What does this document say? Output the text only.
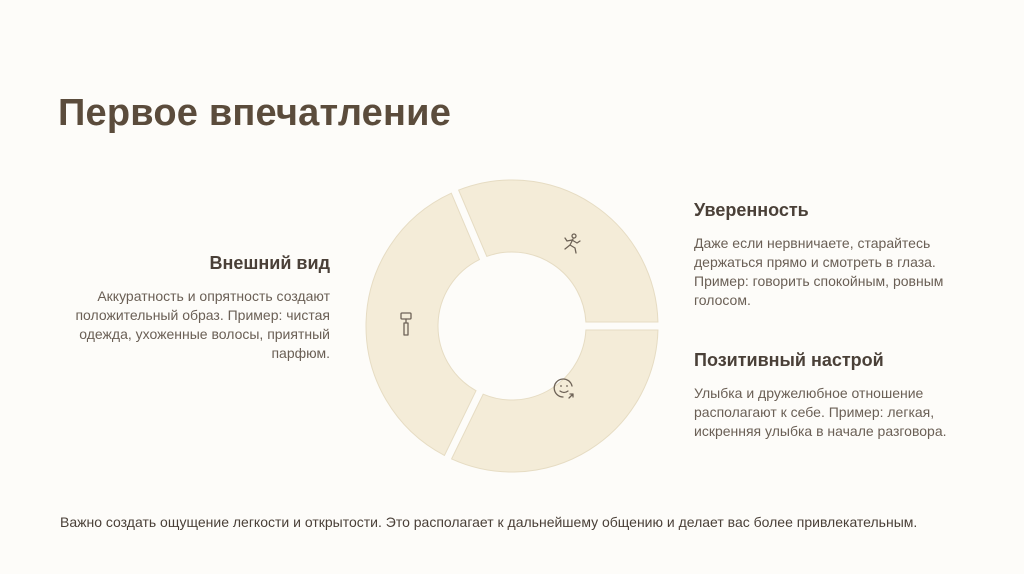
Первое впечатление
Внешний вид

Аккуратность и опрятность создают положительный образ. Пример: чистая одежда, ухоженные волосы, приятный парфюм.

Уверенность

Даже если нервничаете, старайтесь держаться прямо и смотреть в глаза. Пример: говорить спокойным, ровным голосом.

Позитивный настрой

Улыбка и дружелюбное отношение располагают к себе. Пример: легкая, искренняя улыбка в начале разговора.

Важно создать ощущение легкости и открытости. Это располагает к дальнейшему общению и делает вас более привлекательным.
